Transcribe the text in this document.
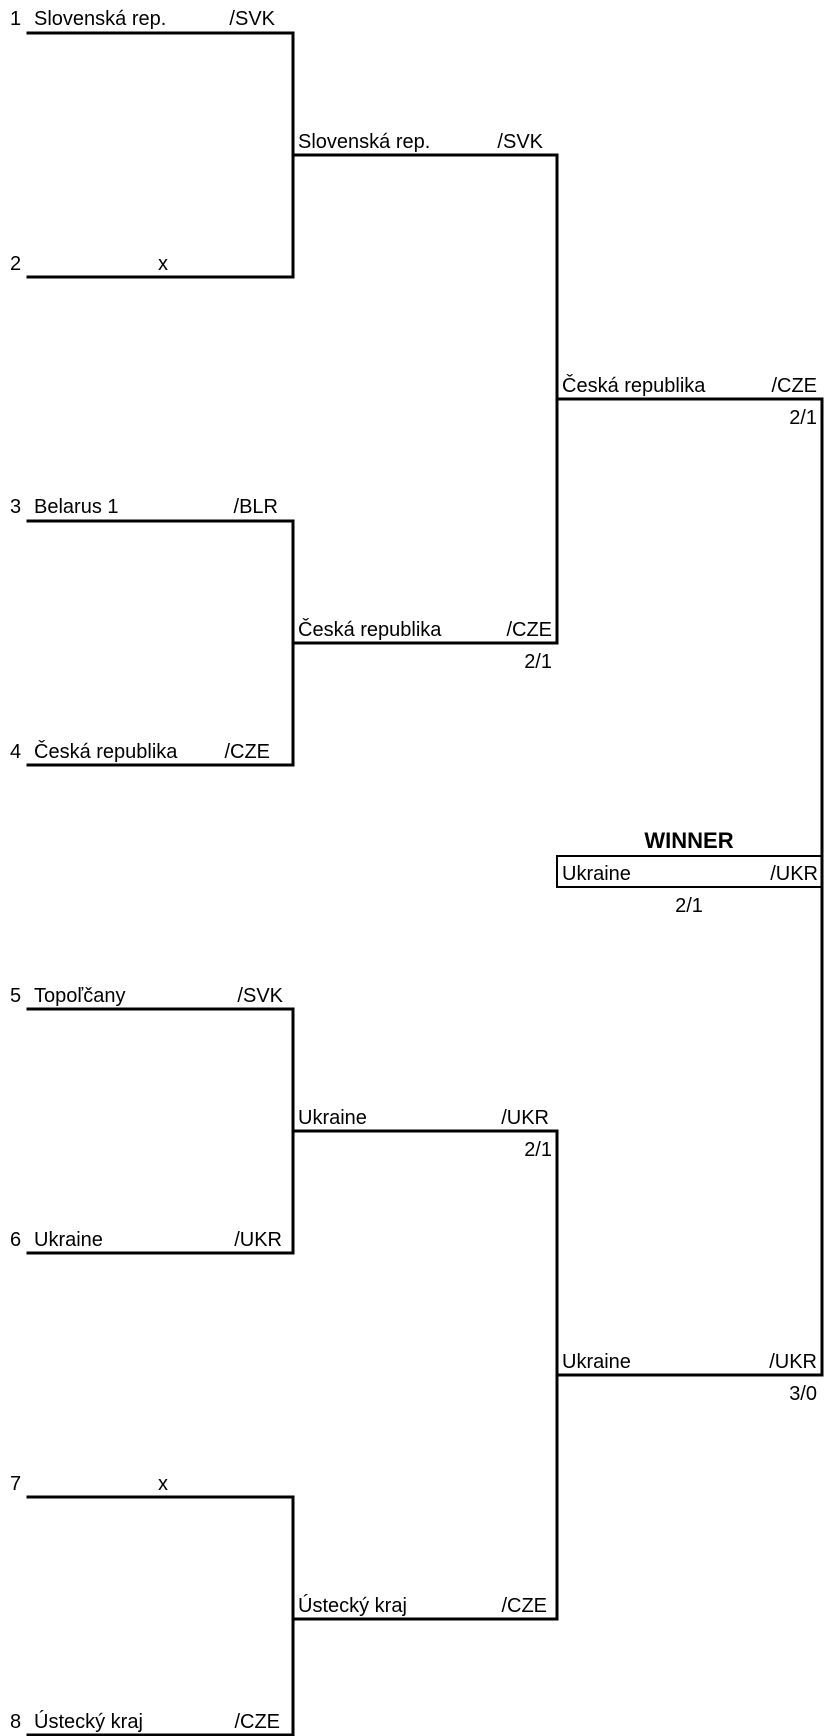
1 Slovenská rep.	/SVK
2	x
3 Belarus 1	/BLR
4 Česká republika /CZE
5 Topoľčany	/SVK
6 Ukraine	/UKR
7	x
8 Ústecký kraj	/CZE
Slovenská rep.	/SVK
Česká republika	/CZE
2/1
Ukraine	/UKR
2/1
Ústecký kraj	/CZE
Česká republika	/CZE
2/1
Ukraine	/UKR
3/0
WINNER
Ukraine	/UKR
2/1
